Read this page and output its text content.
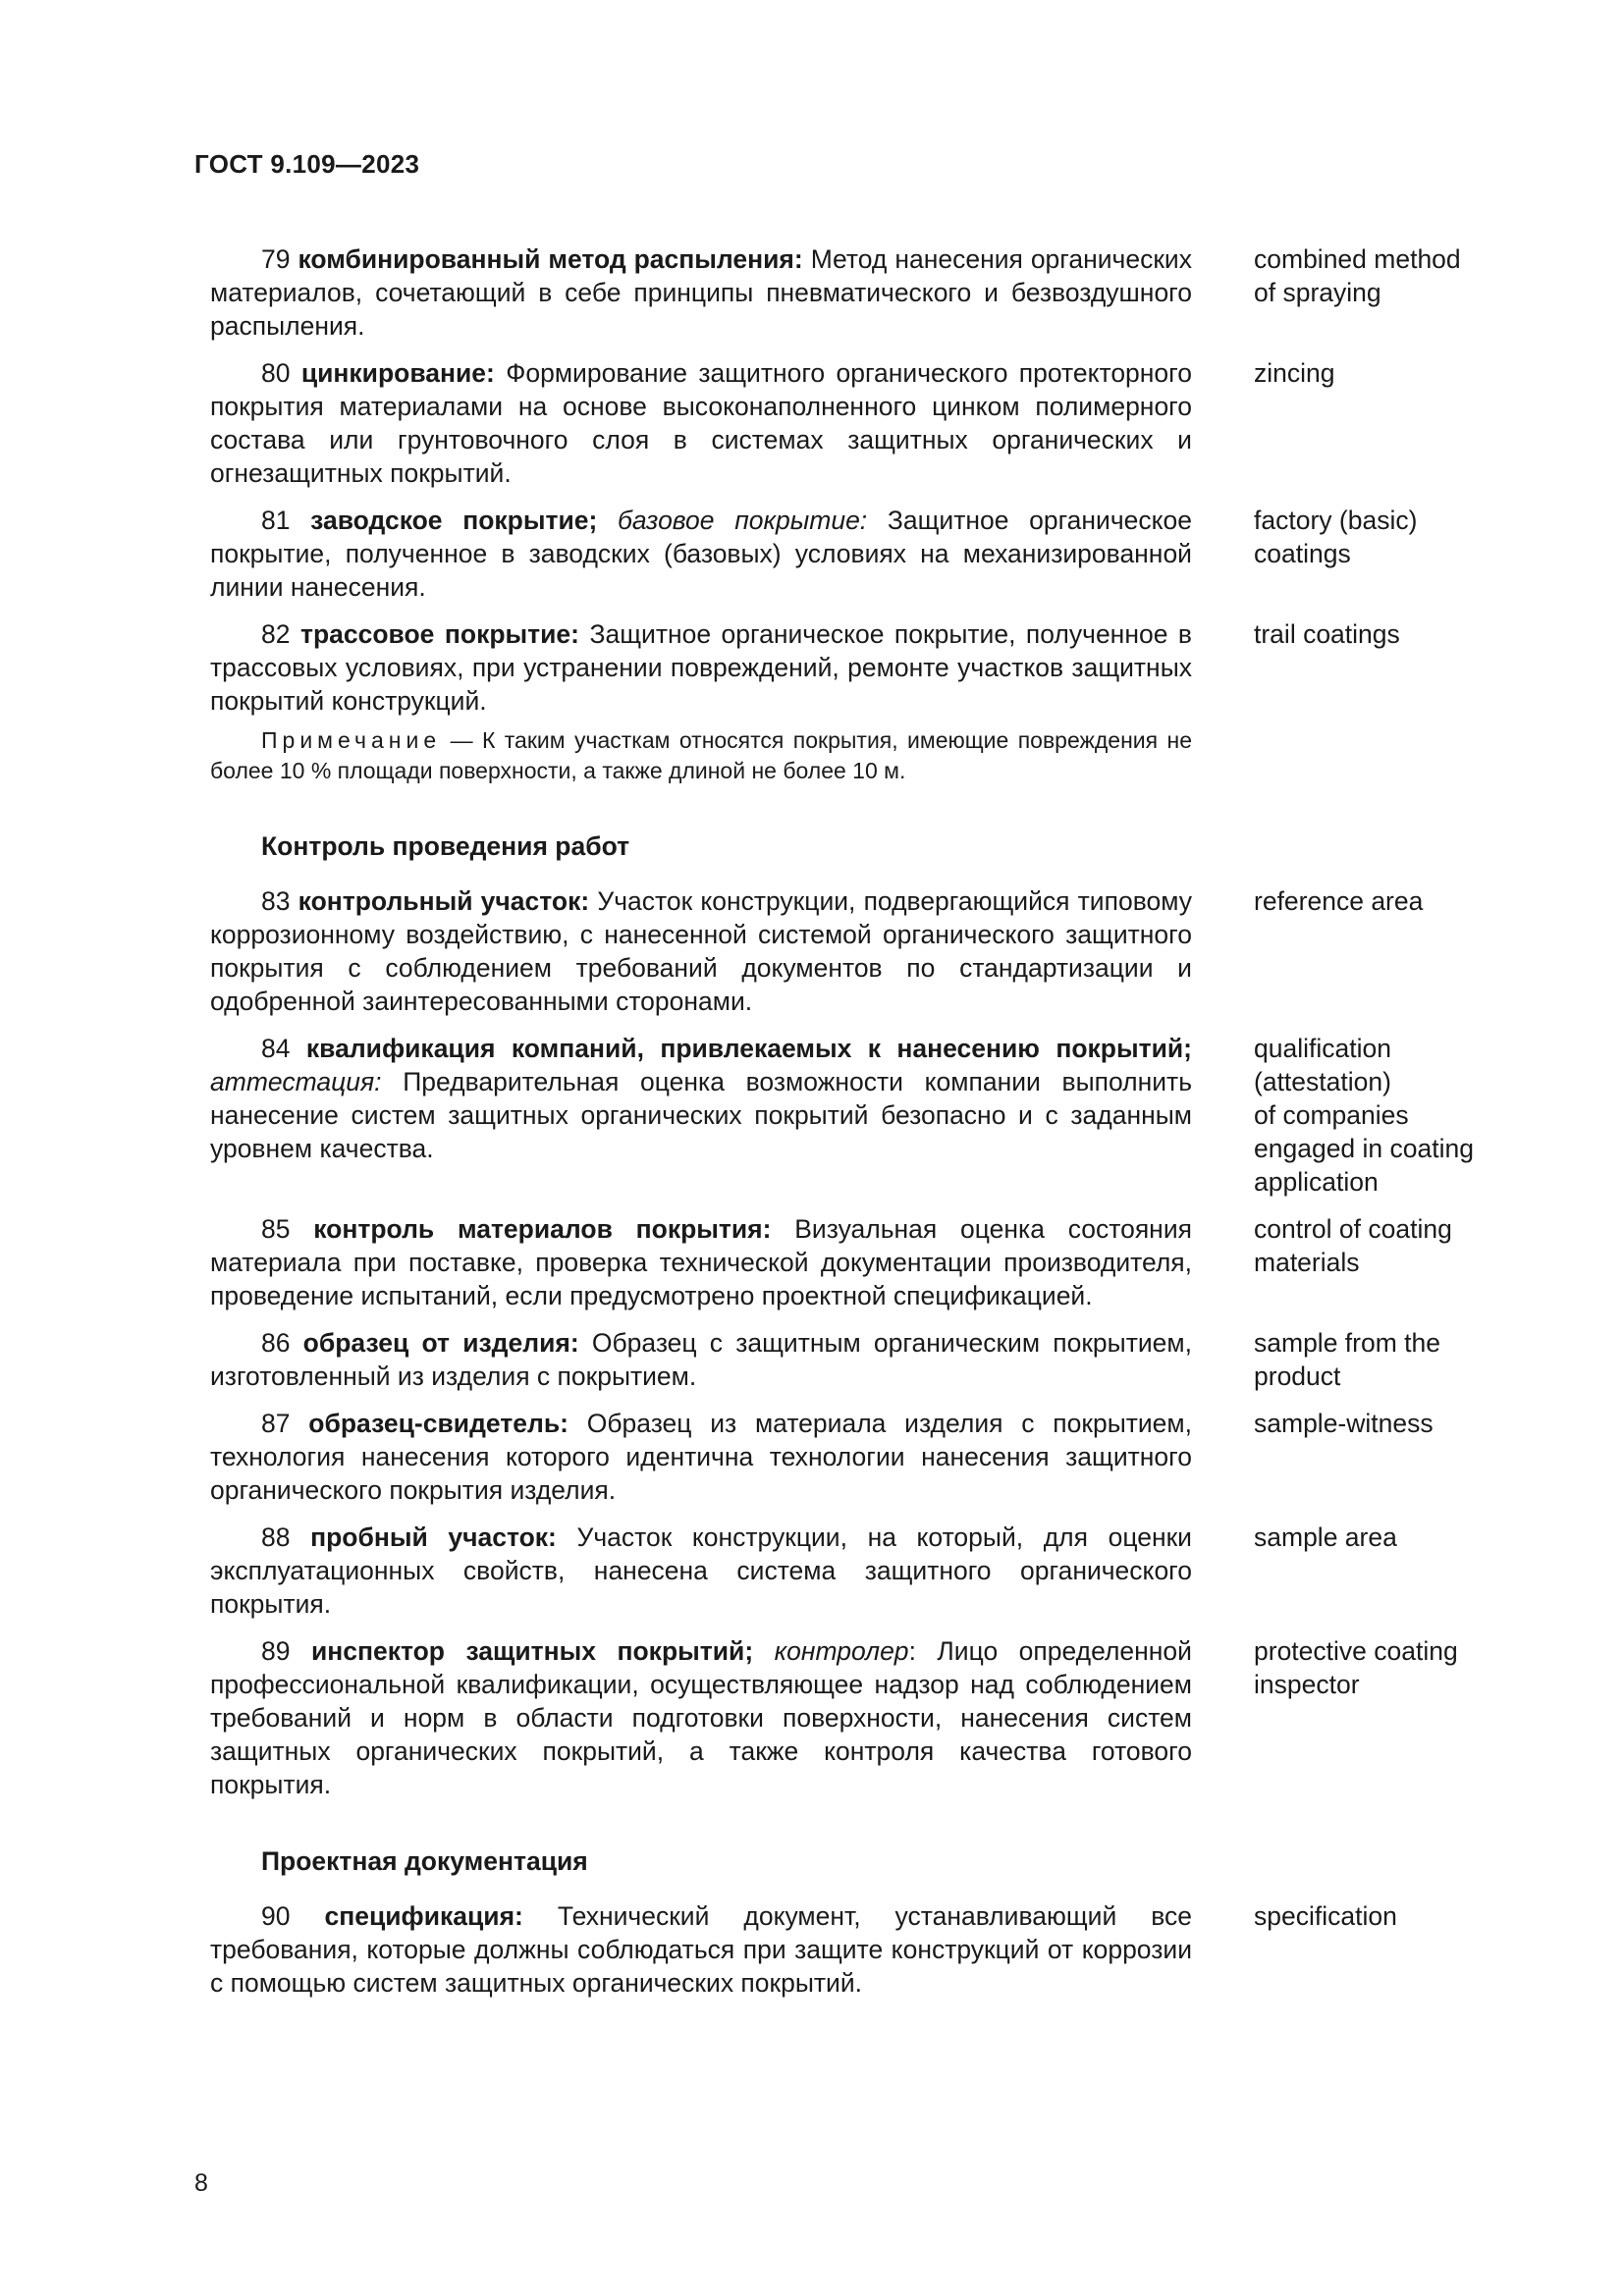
ГОСТ 9.109—2023

79 комбинированный метод распыления: Метод нанесения органических материалов, сочетающий в себе принципы пневматического и безвоздушного распыления.

combined method
of spraying

80 цинкирование: Формирование защитного органического протекторного покрытия материалами на основе высоконаполненного цинком полимерного состава или грунтовочного слоя в системах защитных органических и огнезащитных покрытий.

zincing

81 заводское покрытие; базовое покрытие: Защитное органическое покрытие, полученное в заводских (базовых) условиях на механизированной линии нанесения.

factory (basic)
coatings

82 трассовое покрытие: Защитное органическое покрытие, полученное в трассовых условиях, при устранении повреждений, ремонте участков защитных покрытий конструкций.

trail coatings

Примечание — К таким участкам относятся покрытия, имеющие повреждения не более 10 % площади поверхности, а также длиной не более 10 м.

Контроль проведения работ

83 контрольный участок: Участок конструкции, подвергающийся типовому коррозионному воздействию, с нанесенной системой органического защитного покрытия с соблюдением требований документов по стандартизации и одобренной заинтересованными сторонами.

reference area

84 квалификация компаний, привлекаемых к нанесению покрытий; аттестация: Предварительная оценка возможности компании выполнить нанесение систем защитных органических покрытий безопасно и с заданным уровнем качества.

qualification
(attestation)
of companies
engaged in coating
application

85 контроль материалов покрытия: Визуальная оценка состояния материала при поставке, проверка технической документации производителя, проведение испытаний, если предусмотрено проектной спецификацией.

control of coating
materials

86 образец от изделия: Образец с защитным органическим покрытием, изготовленный из изделия с покрытием.

sample from the
product

87 образец-свидетель: Образец из материала изделия с покрытием, технология нанесения которого идентична технологии нанесения защитного органического покрытия изделия.

sample-witness

88 пробный участок: Участок конструкции, на который, для оценки эксплуатационных свойств, нанесена система защитного органического покрытия.

sample area

89 инспектор защитных покрытий; контролер: Лицо определенной профессиональной квалификации, осуществляющее надзор над соблюдением требований и норм в области подготовки поверхности, нанесения систем защитных органических покрытий, а также контроля качества готового покрытия.

protective coating
inspector

Проектная документация

90 спецификация: Технический документ, устанавливающий все требования, которые должны соблюдаться при защите конструкций от коррозии с помощью систем защитных органических покрытий.

specification
8
